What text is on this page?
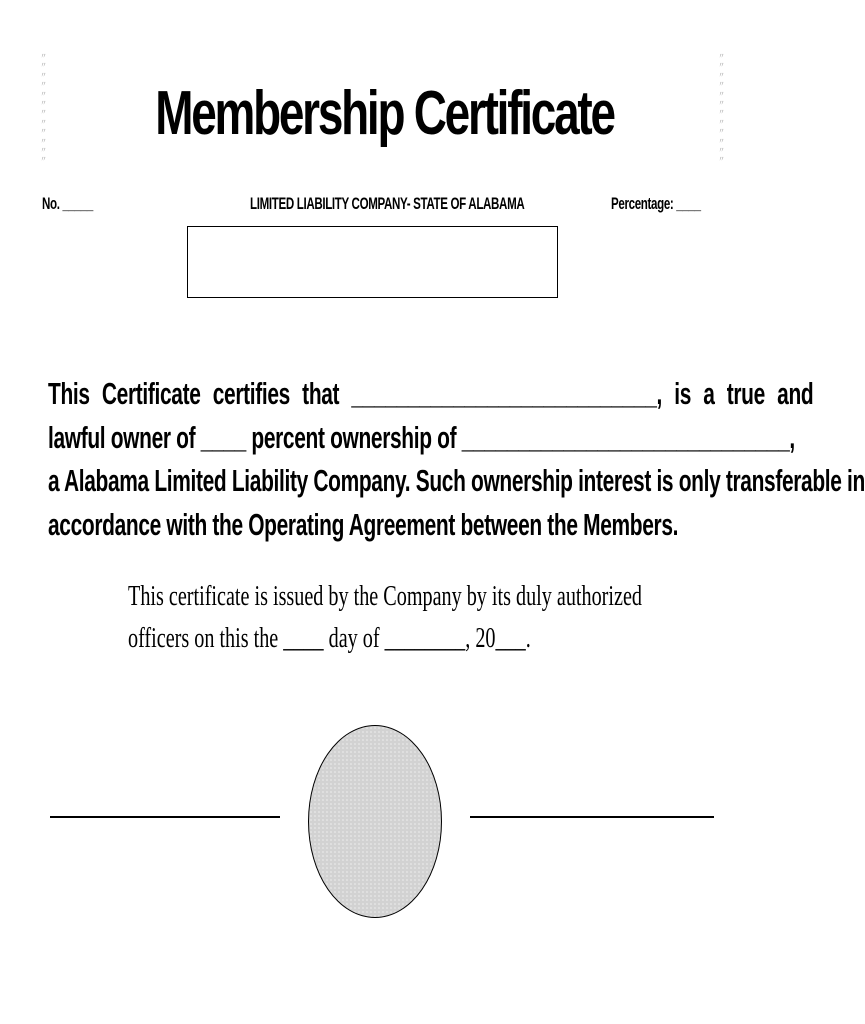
〃
〃
〃
〃
〃
〃
〃
〃
〃
〃
〃
〃
〃
〃
〃
〃
〃
〃
〃
〃
〃
〃
〃
〃
Membership Certificate
No. _____	LIMITED LIABILITY COMPANY- STATE OF ALABAMA	Percentage: ____
This Certificate certifies that ___________________________, is a true and
lawful owner of ____ percent ownership of _____________________________,
a Alabama Limited Liability Company. Such ownership interest is only transferable in
accordance with the Operating Agreement between the Members.
This certificate is issued by the Company by its duly authorized
officers on this the ____ day of ________, 20___.
